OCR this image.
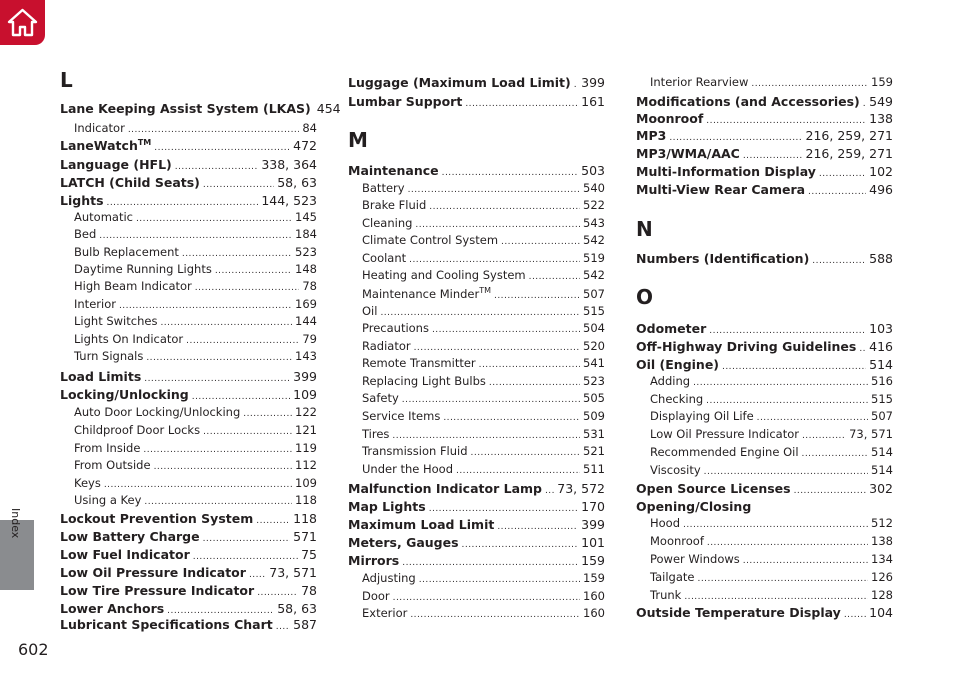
Index
602
L
Lane Keeping Assist System (LKAS) 454
Indicator . . .	84
LaneWatch™ . . .	472
Language (HFL) . . .	338, 364
LATCH (Child Seats) . . .	58, 63
Lights . . .	144, 523
Automatic . . .	145
Bed . . .	184
Bulb Replacement . . .	523
Daytime Running Lights . . .	148
High Beam Indicator . . .	78
Interior . . .	169
Light Switches . . .	144
Lights On Indicator . . .	79
Turn Signals . . .	143
Load Limits . . .	399
Locking/Unlocking . . .	109
Auto Door Locking/Unlocking . . .	122
Childproof Door Locks . . .	121
From Inside . . .	119
From Outside . . .	112
Keys . . .	109
Using a Key . . .	118
Lockout Prevention System . . .	118
Low Battery Charge . . .	571
Low Fuel Indicator . . .	75
Low Oil Pressure Indicator . . . 73, 571
Low Tire Pressure Indicator . . .	78
Lower Anchors . . .	58, 63
Lubricant Specifications Chart . . . 587
M
Luggage (Maximum Load Limit) . . . 399
Lumbar Support . . .	161
Maintenance . . .	503
Battery . . .	540
Brake Fluid . . .	522
Cleaning . . .	543
Climate Control System . . .	542
Coolant . . .	519
Heating and Cooling System . . .	542
Maintenance Minder™ . . .	507
Oil . . .	515
Precautions . . .	504
Radiator . . .	520
Remote Transmitter . . .	541
Replacing Light Bulbs . . .	523
Safety . . .	505
Service Items . . .	509
Tires . . .	531
Transmission Fluid . . .	521
Under the Hood . . .	511
Malfunction Indicator Lamp . . . 73, 572
Map Lights . . .	170
Maximum Load Limit . . .	399
Meters, Gauges . . .	101
Mirrors . . .	159
Adjusting . . .	159
Door . . .	160
Exterior . . .	160
N
O
Interior Rearview . . .	159
Modifications (and Accessories) . . . 549
Moonroof . . .	138
MP3 . . .	216, 259, 271
MP3/WMA/AAC . . .	216, 259, 271
Multi-Information Display . . .	102
Multi-View Rear Camera . . .	496
Numbers (Identification) . . .	588
Odometer . . .	103
Off-Highway Driving Guidelines . . . 416
Oil (Engine) . . .	514
Adding . . .	516
Checking . . .	515
Displaying Oil Life . . .	507
Low Oil Pressure Indicator . . .	73, 571
Recommended Engine Oil . . .	514
Viscosity . . .	514
Open Source Licenses . . .	302
Opening/Closing
Hood . . .	512
Moonroof . . .	138
Power Windows . . .	134
Tailgate . . .	126
Trunk . . .	128
Outside Temperature Display . . . 104
